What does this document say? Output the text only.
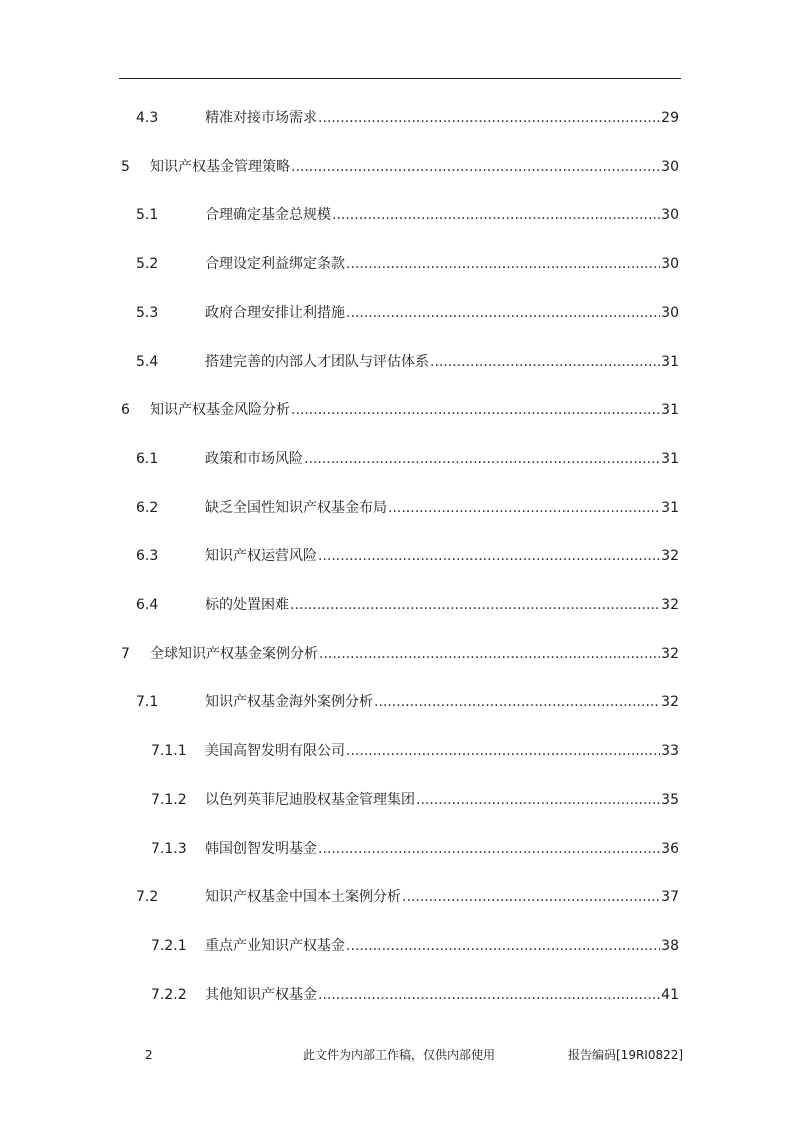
4.3	精准对接市场需求 .....	29
5 知识产权基金管理策略 .....	30
5.1	合理确定基金总规模 .....	30
5.2	合理设定利益绑定条款 .....	30
5.3	政府合理安排让利措施 .....	30
5.4	搭建完善的内部人才团队与评估体系 .....	31
6 知识产权基金风险分析 .....	31
6.1	政策和市场风险 .....	31
6.2	缺乏全国性知识产权基金布局 .....	31
6.3	知识产权运营风险 .....	32
6.4	标的处置困难 .....	32
7 全球知识产权基金案例分析 .....	32
7.1	知识产权基金海外案例分析 .....	32
7.1.1 美国高智发明有限公司 .....	33
7.1.2 以色列英菲尼迪股权基金管理集团 .....	35
7.1.3 韩国创智发明基金 .....	36
7.2	知识产权基金中国本土案例分析 .....	37
7.2.1 重点产业知识产权基金 .....	38
7.2.2 其他知识产权基金 .....	41
2	此文件为内部工作稿，仅供内部使用	报告编码[19RI0822]
